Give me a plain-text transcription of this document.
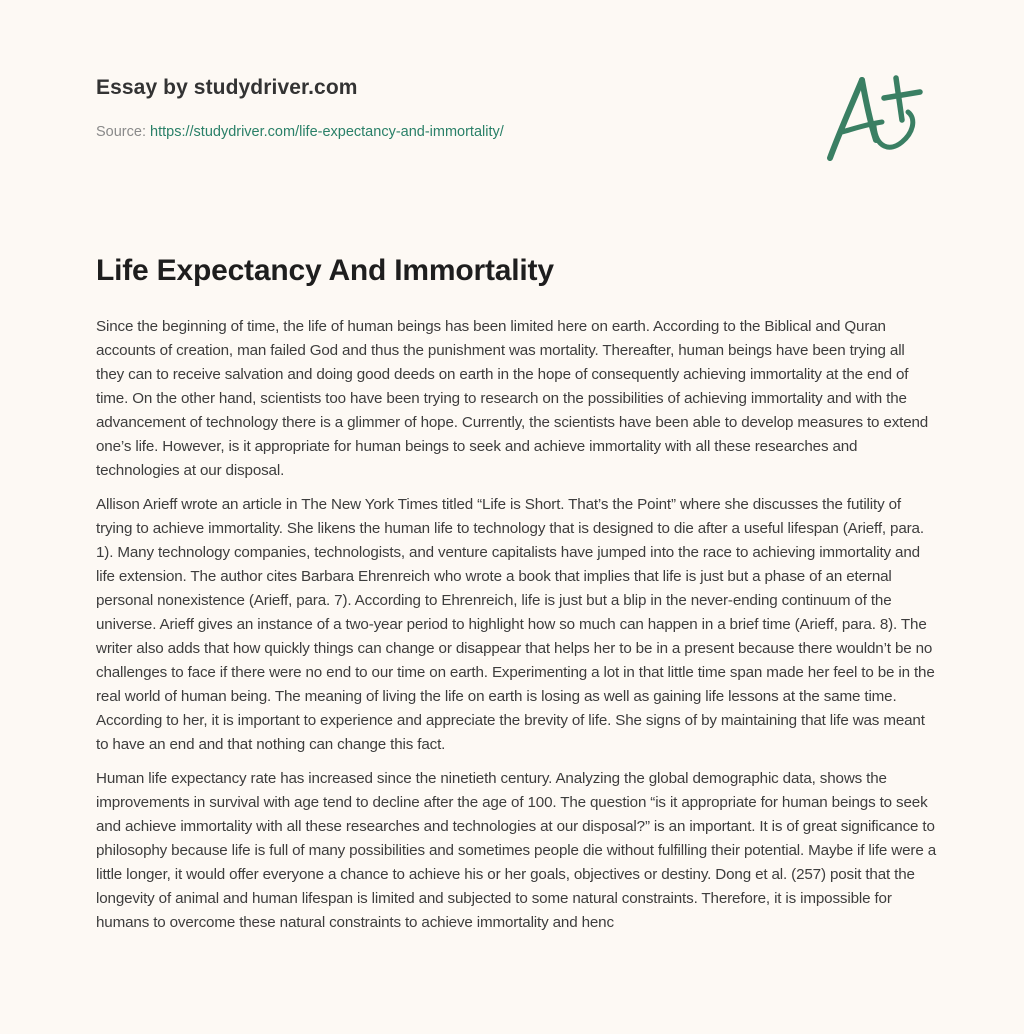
Essay by studydriver.com
Source: https://studydriver.com/life-expectancy-and-immortality/
Life Expectancy And Immortality

Since the beginning of time, the life of human beings has been limited here on earth. According to the Biblical and Quran accounts of creation, man failed God and thus the punishment was mortality. Thereafter, human beings have been trying all they can to receive salvation and doing good deeds on earth in the hope of consequently achieving immortality at the end of time. On the other hand, scientists too have been trying to research on the possibilities of achieving immortality and with the advancement of technology there is a glimmer of hope. Currently, the scientists have been able to develop measures to extend one’s life. However, is it appropriate for human beings to seek and achieve immortality with all these researches and technologies at our disposal.

Allison Arieff wrote an article in The New York Times titled “Life is Short. That’s the Point” where she discusses the futility of trying to achieve immortality. She likens the human life to technology that is designed to die after a useful lifespan (Arieff, para. 1). Many technology companies, technologists, and venture capitalists have jumped into the race to achieving immortality and life extension. The author cites Barbara Ehrenreich who wrote a book that implies that life is just but a phase of an eternal personal nonexistence (Arieff, para. 7). According to Ehrenreich, life is just but a blip in the never-ending continuum of the universe. Arieff gives an instance of a two-year period to highlight how so much can happen in a brief time (Arieff, para. 8). The writer also adds that how quickly things can change or disappear that helps her to be in a present because there wouldn’t be no challenges to face if there were no end to our time on earth. Experimenting a lot in that little time span made her feel to be in the real world of human being. The meaning of living the life on earth is losing as well as gaining life lessons at the same time. According to her, it is important to experience and appreciate the brevity of life. She signs of by maintaining that life was meant to have an end and that nothing can change this fact.

Human life expectancy rate has increased since the ninetieth century. Analyzing the global demographic data, shows the improvements in survival with age tend to decline after the age of 100. The question “is it appropriate for human beings to seek and achieve immortality with all these researches and technologies at our disposal?” is an important. It is of great significance to philosophy because life is full of many possibilities and sometimes people die without fulfilling their potential. Maybe if life were a little longer, it would offer everyone a chance to achieve his or her goals, objectives or destiny. Dong et al. (257) posit that the longevity of animal and human lifespan is limited and subjected to some natural constraints. Therefore, it is impossible for humans to overcome these natural constraints to achieve immortality and henc
